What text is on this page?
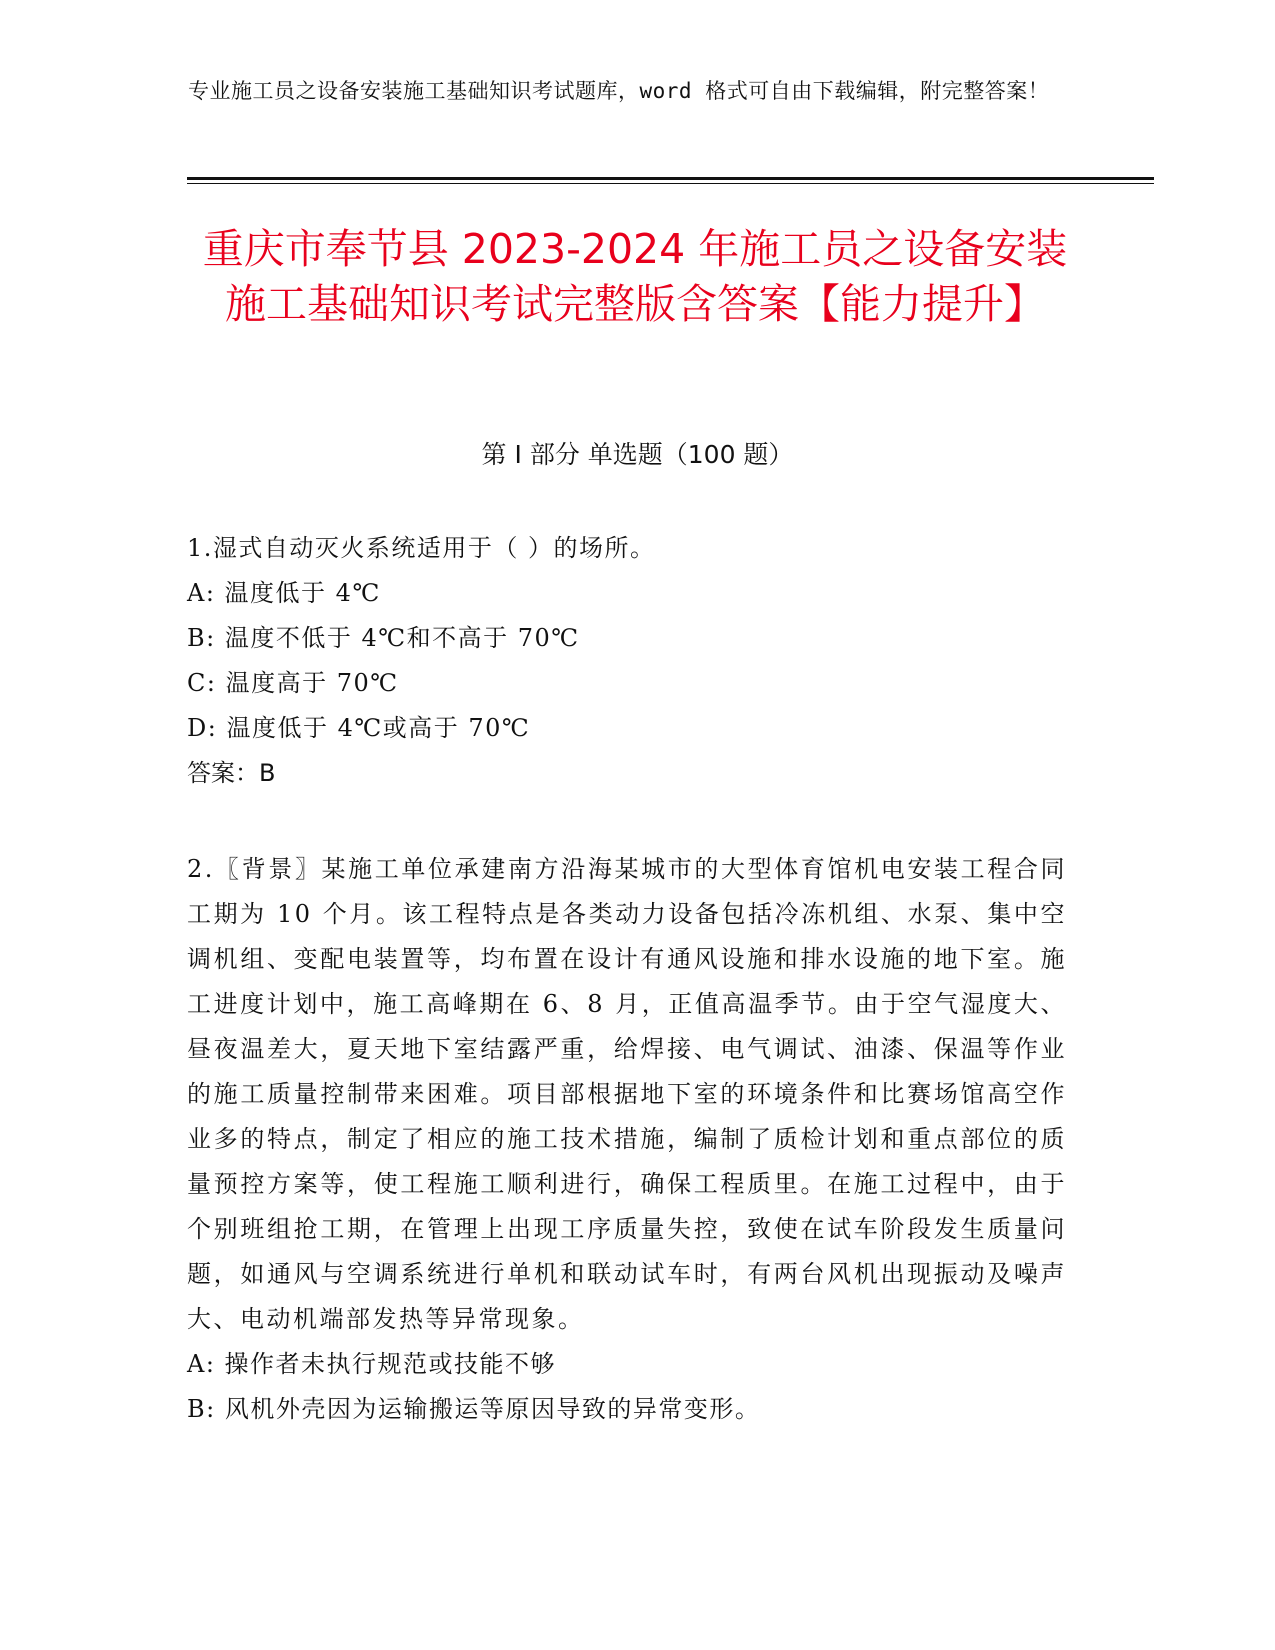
专业施工员之设备安装施工基础知识考试题库，word 格式可自由下载编辑，附完整答案！
重庆市奉节县 2023-2024 年施工员之设备安装施工基础知识考试完整版含答案【能力提升】
第 I 部分 单选题（100 题）
1.湿式自动灭火系统适用于（ ）的场所。
A: 温度低于 4℃
B: 温度不低于 4℃和不高于 70℃
C: 温度高于 70℃
D: 温度低于 4℃或高于 70℃
答案：B
2.〖背景〗某施工单位承建南方沿海某城市的大型体育馆机电安装工程合同工期为 10 个月。该工程特点是各类动力设备包括冷冻机组、水泵、集中空调机组、变配电装置等，均布置在设计有通风设施和排水设施的地下室。施工进度计划中，施工高峰期在 6、8 月，正值高温季节。由于空气湿度大、昼夜温差大，夏天地下室结露严重，给焊接、电气调试、油漆、保温等作业的施工质量控制带来困难。项目部根据地下室的环境条件和比赛场馆高空作业多的特点，制定了相应的施工技术措施，编制了质检计划和重点部位的质量预控方案等，使工程施工顺利进行，确保工程质里。在施工过程中，由于个别班组抢工期，在管理上出现工序质量失控，致使在试车阶段发生质量问题，如通风与空调系统进行单机和联动试车时，有两台风机出现振动及噪声大、电动机端部发热等异常现象。
A: 操作者未执行规范或技能不够
B: 风机外壳因为运输搬运等原因导致的异常变形。
